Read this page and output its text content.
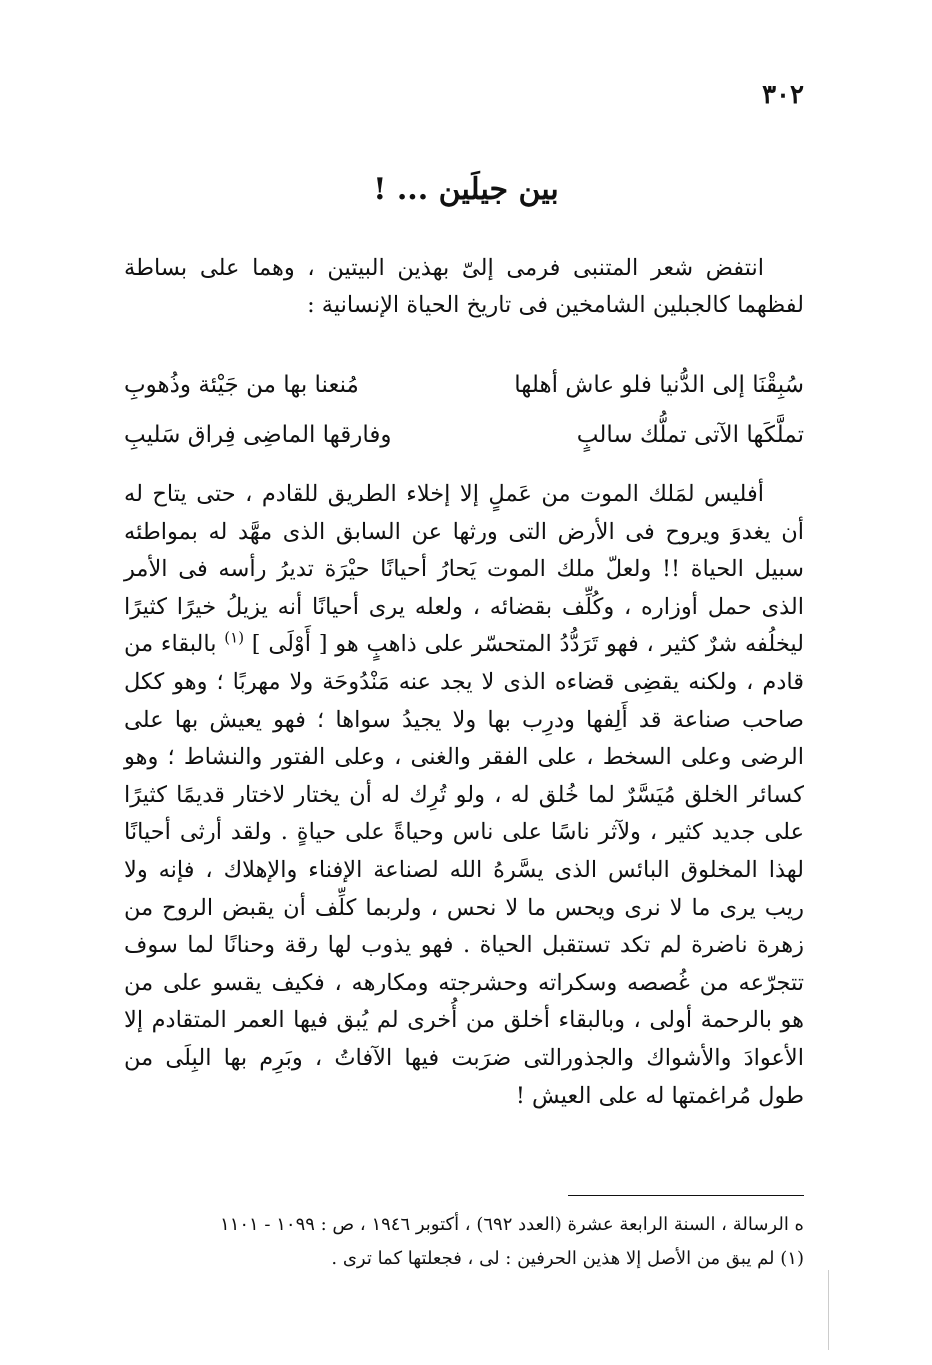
٣٠٢
بين جيلَين ... !

انتفض شعر المتنبى فرمى إلىّ بهذين البيتين ، وهما على بساطة لفظهما كالجبلين الشامخين فى تاريخ الحياة الإنسانية :

سُبِقْنَا إلى الدُّنيا فلو عاش أهلها
مُنعنا بها من جَيْئة وذُهوبِ
تملَّكَها الآتى تملُّك سالبٍ
وفارقها الماضِى فِراق سَليبِ

أفليس لمَلك الموت من عَملٍ إلا إخلاء الطريق للقادم ، حتى يتاح له أن يغدوَ ويروح فى الأرض التى ورثها عن السابق الذى مهَّد له بمواطئه سبيل الحياة !! ولعلّ ملك الموت يَحارُ أحيانًا حيْرَة تديرُ رأسه فى الأمر الذى حمل أوزاره ، وكُلِّف بقضائه ، ولعله يرى أحيانًا أنه يزيلُ خيرًا كثيرًا ليخلُفه شرٌ كثير ، فهو تَرَدُّدُ المتحسّر على ذاهبٍ هو [ أَوْلَى ] $^{(١)}$ بالبقاء من قادم ، ولكنه يقضِى قضاءه الذى لا يجد عنه مَنْدُوحَة ولا مهربًا ؛ وهو ككل صاحب صناعة قد أَلِفها ودرِب بها ولا يجيدُ سواها ؛ فهو يعيش بها على الرضى وعلى السخط ، على الفقر والغنى ، وعلى الفتور والنشاط ؛ وهو كسائر الخلق مُيَسَّرٌ لما خُلق له ، ولو تُرِك له أن يختار لاختار قديمًا كثيرًا على جديد كثير ، ولآثر ناسًا على ناس وحياةً على حياةٍ . ولقد أرثى أحيانًا لهذا المخلوق البائس الذى يسَّرهُ الله لصناعة الإفناء والإهلاك ، فإنه ولا ريب يرى ما لا نرى ويحس ما لا نحس ، ولربما كلِّف أن يقبض الروح من زهرة ناضرة لم تكد تستقبل الحياة . فهو يذوب لها رقة وحنانًا لما سوف تتجرّعه من غُصصه وسكراته وحشرجته ومكارهه ، فكيف يقسو على من هو بالرحمة أولى ، وبالبقاء أخلق من أُخرى لم يُبق فيها العمر المتقادم إلا الأعوادَ والأشواك والجذورالتى ضرَبت فيها الآفاتُ ، وبَرِم بها البِلَى من طول مُراغمتها له على العيش !

ه الرسالة ، السنة الرابعة عشرة (العدد ٦٩٢) ، أكتوبر ١٩٤٦ ، ص : ١٠٩٩ - ١١٠١
(١) لم يبق من الأصل إلا هذين الحرفين : لى ، فجعلتها كما ترى .
